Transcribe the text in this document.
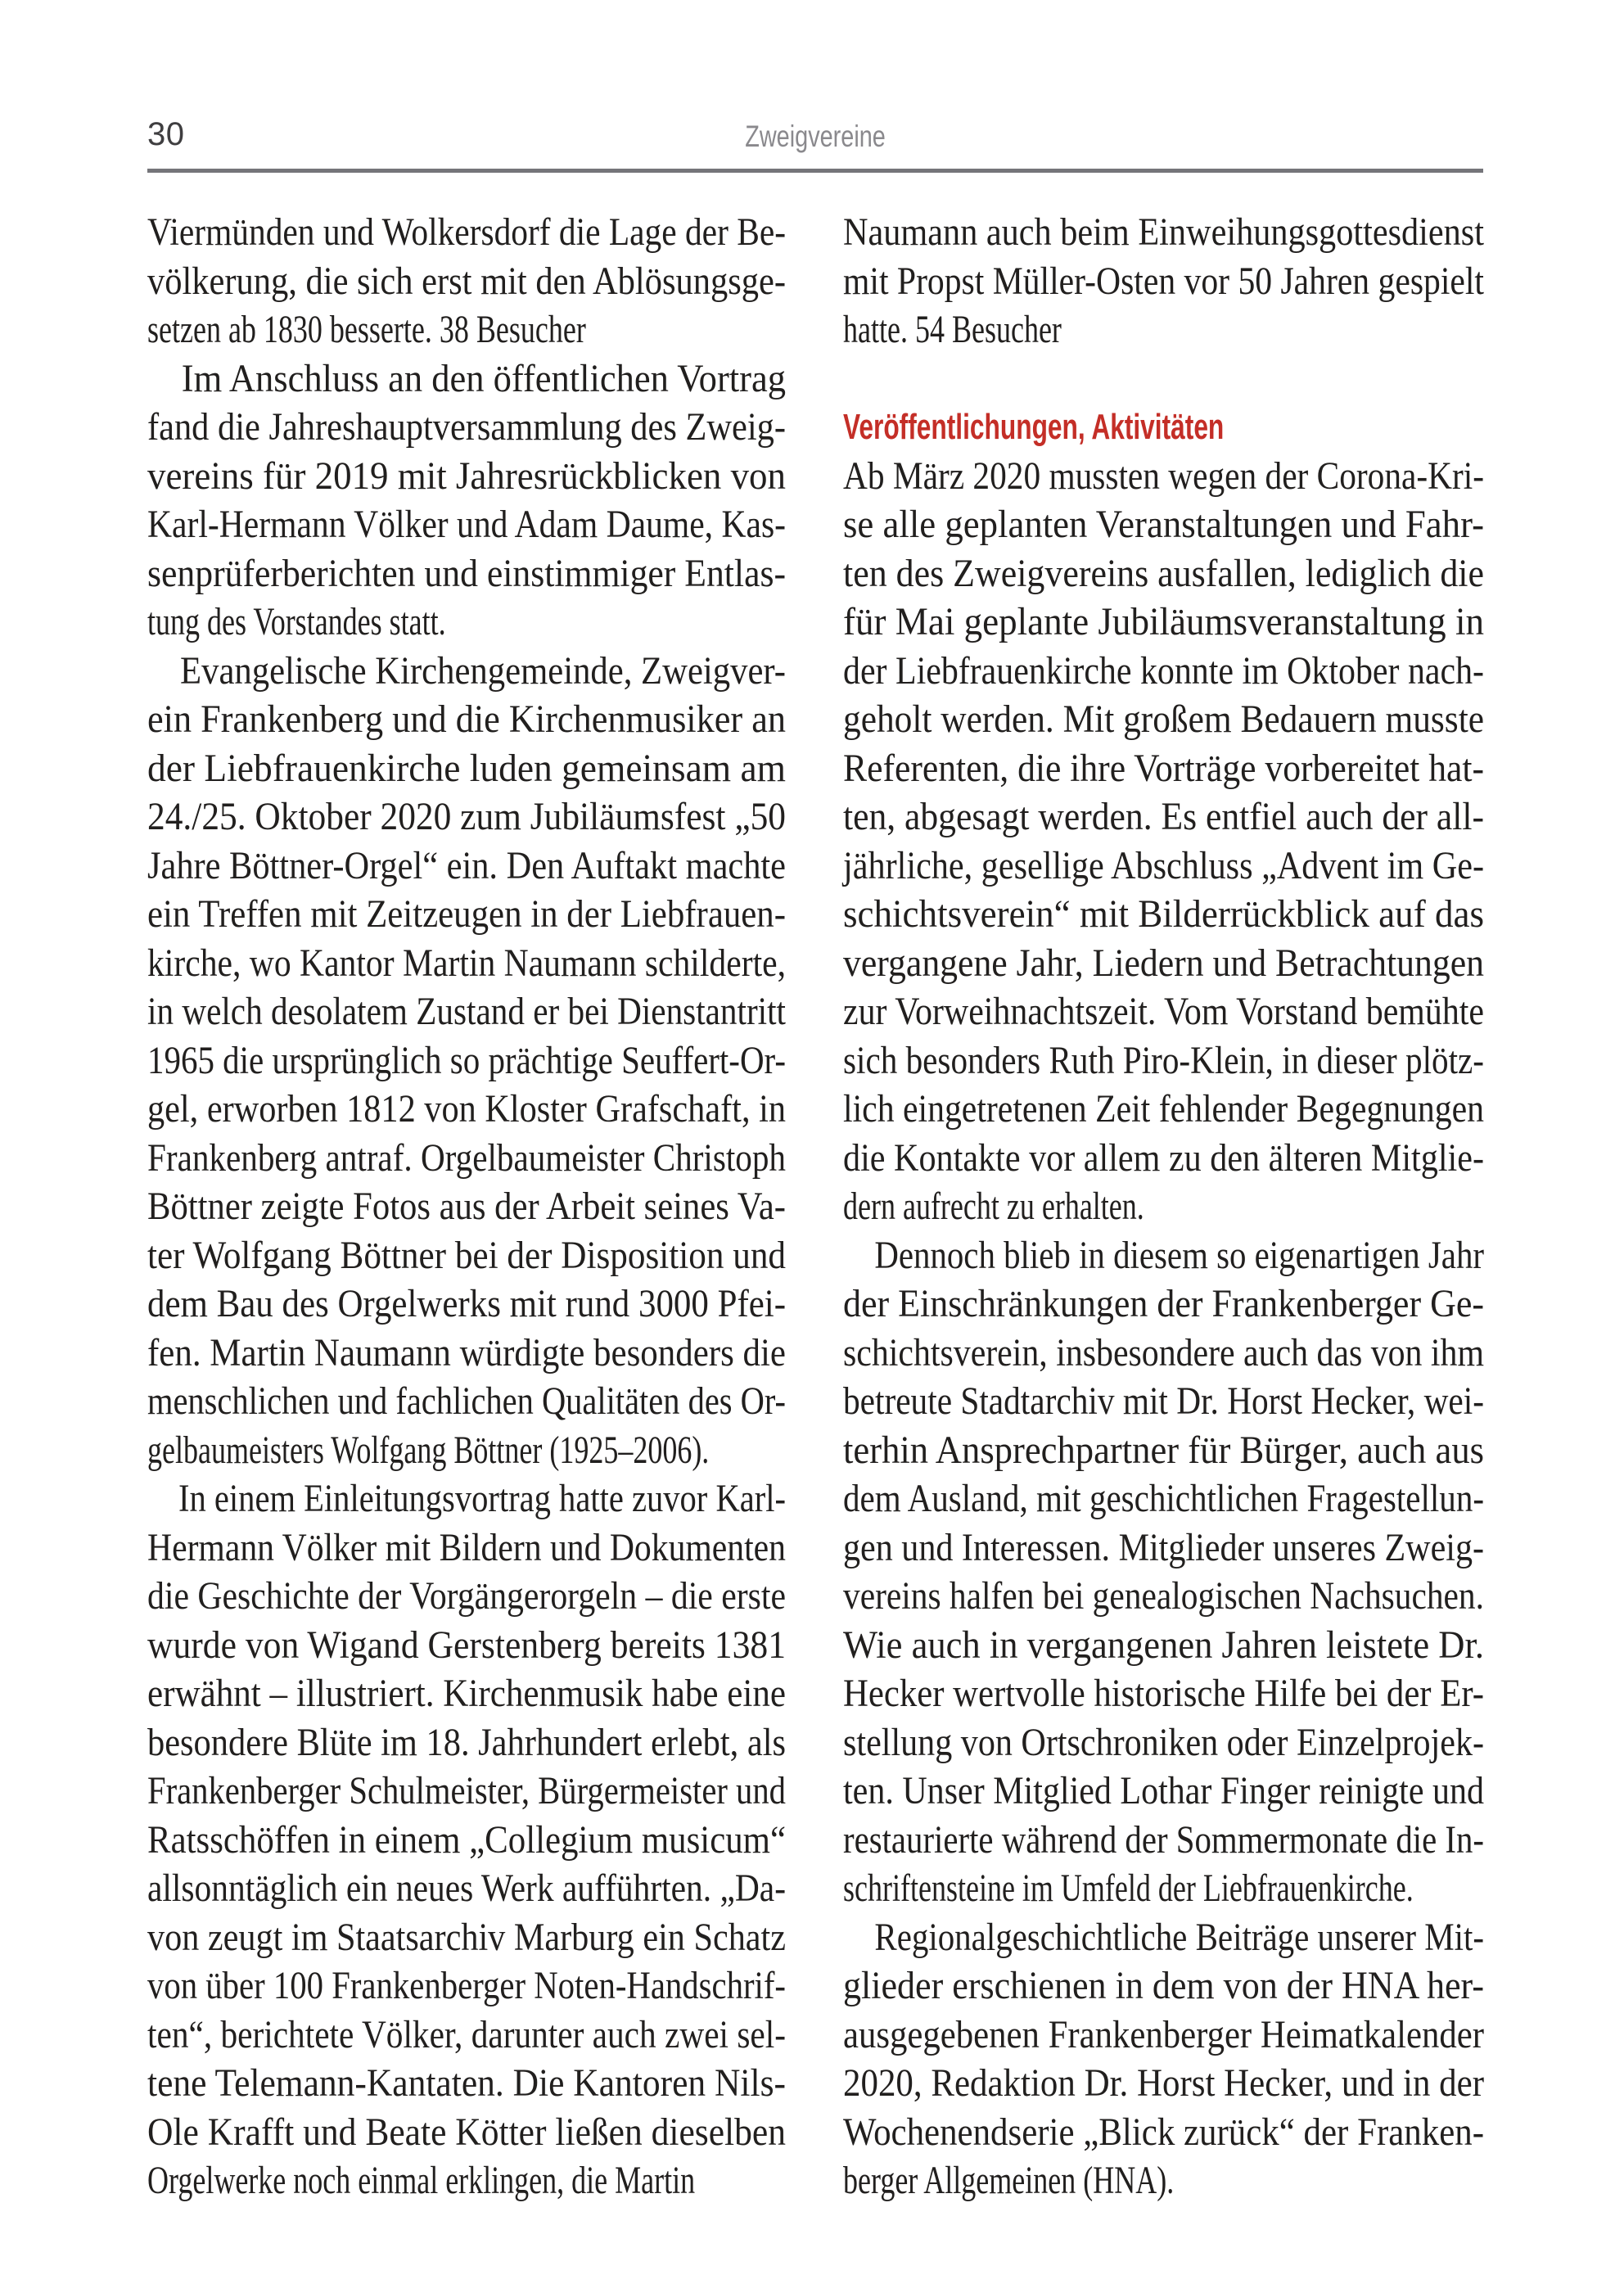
30	Zweigvereine
Viermünden und Wolkersdorf die Lage der Be-
völkerung, die sich erst mit den Ablösungsge-
setzen ab 1830 besserte. 38 Besucher
Im Anschluss an den öffentlichen Vortrag
fand die Jahreshauptversammlung des Zweig-
vereins für 2019 mit Jahresrückblicken von
Karl-Hermann Völker und Adam Daume, Kas-
senprüferberichten und einstimmiger Entlas-
tung des Vorstandes statt.
Evangelische Kirchengemeinde, Zweigver-
ein Frankenberg und die Kirchenmusiker an
der Liebfrauenkirche luden gemeinsam am
24./25. Oktober 2020 zum Jubiläumsfest „50
Jahre Böttner-Orgel“ ein. Den Auftakt machte
ein Treffen mit Zeitzeugen in der Liebfrauen-
kirche, wo Kantor Martin Naumann schilderte,
in welch desolatem Zustand er bei Dienstantritt
1965 die ursprünglich so prächtige Seuffert-Or-
gel, erworben 1812 von Kloster Grafschaft, in
Frankenberg antraf. Orgelbaumeister Christoph
Böttner zeigte Fotos aus der Arbeit seines Va-
ter Wolfgang Böttner bei der Disposition und
dem Bau des Orgelwerks mit rund 3000 Pfei-
fen. Martin Naumann würdigte besonders die
menschlichen und fachlichen Qualitäten des Or-
gelbaumeisters Wolfgang Böttner (1925–2006).
In einem Einleitungsvortrag hatte zuvor Karl-
Hermann Völker mit Bildern und Dokumenten
die Geschichte der Vorgängerorgeln – die erste
wurde von Wigand Gerstenberg bereits 1381
erwähnt – illustriert. Kirchenmusik habe eine
besondere Blüte im 18. Jahrhundert erlebt, als
Frankenberger Schulmeister, Bürgermeister und
Ratsschöffen in einem „Collegium musicum“
allsonntäglich ein neues Werk aufführten. „Da-
von zeugt im Staatsarchiv Marburg ein Schatz
von über 100 Frankenberger Noten-Handschrif-
ten“, berichtete Völker, darunter auch zwei sel-
tene Telemann-Kantaten. Die Kantoren Nils-
Ole Krafft und Beate Kötter ließen dieselben
Orgelwerke noch einmal erklingen, die Martin
Naumann auch beim Einweihungsgottesdienst
mit Propst Müller-Osten vor 50 Jahren gespielt
hatte. 54 Besucher
Veröffentlichungen, Aktivitäten
Ab März 2020 mussten wegen der Corona-Kri-
se alle geplanten Veranstaltungen und Fahr-
ten des Zweigvereins ausfallen, lediglich die
für Mai geplante Jubiläumsveranstaltung in
der Liebfrauenkirche konnte im Oktober nach-
geholt werden. Mit großem Bedauern musste
Referenten, die ihre Vorträge vorbereitet hat-
ten, abgesagt werden. Es entfiel auch der all-
jährliche, gesellige Abschluss „Advent im Ge-
schichtsverein“ mit Bilderrückblick auf das
vergangene Jahr, Liedern und Betrachtungen
zur Vorweihnachtszeit. Vom Vorstand bemühte
sich besonders Ruth Piro-Klein, in dieser plötz-
lich eingetretenen Zeit fehlender Begegnungen
die Kontakte vor allem zu den älteren Mitglie-
dern aufrecht zu erhalten.
Dennoch blieb in diesem so eigenartigen Jahr
der Einschränkungen der Frankenberger Ge-
schichtsverein, insbesondere auch das von ihm
betreute Stadtarchiv mit Dr. Horst Hecker, wei-
terhin Ansprechpartner für Bürger, auch aus
dem Ausland, mit geschichtlichen Fragestellun-
gen und Interessen. Mitglieder unseres Zweig-
vereins halfen bei genealogischen Nachsuchen.
Wie auch in vergangenen Jahren leistete Dr.
Hecker wertvolle historische Hilfe bei der Er-
stellung von Ortschroniken oder Einzelprojek-
ten. Unser Mitglied Lothar Finger reinigte und
restaurierte während der Sommermonate die In-
schriftensteine im Umfeld der Liebfrauenkirche.
Regionalgeschichtliche Beiträge unserer Mit-
glieder erschienen in dem von der HNA her-
ausgegebenen Frankenberger Heimatkalender
2020, Redaktion Dr. Horst Hecker, und in der
Wochenendserie „Blick zurück“ der Franken-
berger Allgemeinen (HNA).
